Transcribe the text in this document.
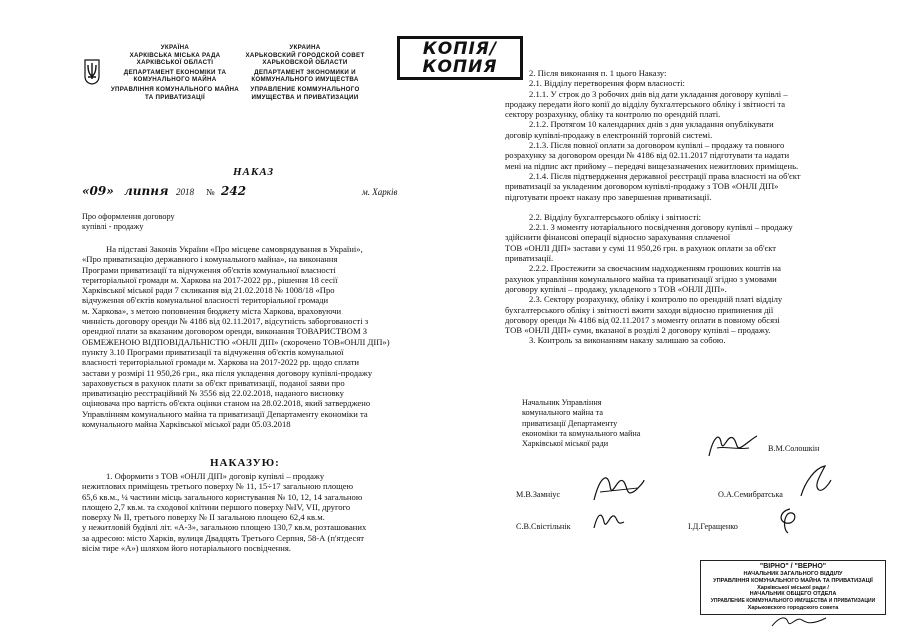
УКРАЇНА
ХАРКІВСЬКА МІСЬКА РАДА
ХАРКІВСЬКОЇ ОБЛАСТІ
ДЕПАРТАМЕНТ ЕКОНОМІКИ ТА КОМУНАЛЬНОГО МАЙНА
УПРАВЛІННЯ КОМУНАЛЬНОГО МАЙНА ТА ПРИВАТИЗАЦІЇ
УКРАИНА
ХАРЬКОВСКИЙ ГОРОДСКОЙ СОВЕТ
ХАРЬКОВСКОЙ ОБЛАСТИ
ДЕПАРТАМЕНТ ЭКОНОМИКИ И КОММУНАЛЬНОГО ИМУЩЕСТВА
УПРАВЛЕНИЕ КОММУНАЛЬНОГО ИМУЩЕСТВА И ПРИВАТИЗАЦИИ
НАКАЗ
«09» липня 2018 № 242	м. Харків
Про оформлення договору
купівлі - продажу
На підставі Законів України «Про місцеве самоврядування в Україні»,
«Про приватизацію державного і комунального майна», на виконання
Програми приватизації та відчуження об'єктів комунальної власності
територіальної громади м. Харкова на 2017-2022 рр., рішення 18 сесії
Харківської міської ради 7 скликання від 21.02.2018 № 1008/18 «Про
відчуження об'єктів комунальної власності територіальної громади
м. Харкова», з метою поповнення бюджету міста Харкова, враховуючи
чинність договору оренди № 4186 від 02.11.2017, відсутність заборгованості з
орендної плати за вказаним договором оренди, виконання ТОВАРИСТВОМ З
ОБМЕЖЕНОЮ ВІДПОВІДАЛЬНІСТЮ «ОНЛІ ДІП» (скорочено ТОВ«ОНЛІ ДІП»)
пункту 3.10 Програми приватизації та відчуження об'єктів комунальної
власності територіальної громади м. Харкова на 2017-2022 рр. щодо сплати
застави у розмірі 11 950,26 грн., яка після укладення договору купівлі-продажу
зараховується в рахунок плати за об'єкт приватизації, поданої заяви про
приватизацію реєстраційний № 3556 від 22.02.2018, наданого висновку
оцінювача про вартість об'єкта оцінки станом на 28.02.2018, який затверджено
Управлінням комунального майна та приватизації Департаменту економіки та
комунального майна Харківської міської ради 05.03.2018
НАКАЗУЮ:
1. Оформити з ТОВ «ОНЛІ ДІП» договір купівлі – продажу
нежитлових приміщень третього поверху № 11, 15÷17 загальною площею
65,6 кв.м., ¼ частини місць загального користування № 10, 12, 14 загальною
площею 2,7 кв.м. та сходової клітини першого поверху №IV, VII, другого
поверху № II, третього поверху № II загальною площею 62,4 кв.м.
у нежитловій будівлі літ. «А-3», загальною площею 130,7 кв.м, розташованих
за адресою: місто Харків, вулиця Двадцять Третього Серпня, 58-А (п'ятдесят
вісім тире «А») шляхом його нотаріального посвідчення.
КОПІЯ/
КОПИЯ	2. Після виконання п. 1 цього Наказу:
2.1. Відділу перетворення форм власності:
2.1.1. У строк до 3 робочих днів від дати укладання договору купівлі –
продажу передати його копії до відділу бухгалтерського обліку і звітності та
сектору розрахунку, обліку та контролю по орендній платі.
2.1.2. Протягом 10 календарних днів з дня укладання опублікувати
договір купівлі-продажу в електронній торговій системі.
2.1.3. Після повної оплати за договором купівлі – продажу та повного
розрахунку за договором оренди № 4186 від 02.11.2017 підготувати та надати
мені на підпис акт прийому – передачі вищезазначених нежитлових приміщень.
2.1.4. Після підтвердження державної реєстрації права власності на об'єкт
приватизації за укладеним договором купівлі-продажу з ТОВ «ОНЛІ ДІП»
підготувати проект наказу про завершення приватизації.
2.2. Відділу бухгалтерського обліку і звітності:
2.2.1. З моменту нотаріального посвідчення договору купівлі – продажу
здійснити фінансові операції відносно зарахування сплаченої
ТОВ «ОНЛІ ДІП» застави у сумі 11 950,26 грн. в рахунок оплати за об'єкт
приватизації.
2.2.2. Простежити за своєчасним надходженням грошових коштів на
рахунок управління комунального майна та приватизації згідно з умовами
договору купівлі – продажу, укладеного з ТОВ «ОНЛІ ДІП».
2.3. Сектору розрахунку, обліку і контролю по орендній платі відділу
бухгалтерського обліку і звітності вжити заходи відносно припинення дії
договору оренди № 4186 від 02.11.2017 з моменту оплати в повному обсязі
ТОВ «ОНЛІ ДІП» суми, вказаної в розділі 2 договору купівлі – продажу.
3. Контроль за виконанням наказу залишаю за собою.
Начальник Управління
комунального майна та
приватизації Департаменту
економіки та комунального майна
Харківської міської ради
В.М.Солошкін
М.В.Замніус	О.А.Семибратська
С.В.Свістільнік	І.Д.Геращенко
"ВІРНО" / "ВЕРНО"
НАЧАЛЬНИК ЗАГАЛЬНОГО ВІДДІЛУ
УПРАВЛІННЯ КОМУНАЛЬНОГО МАЙНА ТА ПРИВАТИЗАЦІЇ
Харківської міської ради /
НАЧАЛЬНИК ОБЩЕГО ОТДЕЛА
УПРАВЛЕНИЕ КОММУНАЛЬНОГО ИМУЩЕСТВА И ПРИВАТИЗАЦИИ
Харьковского городского совета
